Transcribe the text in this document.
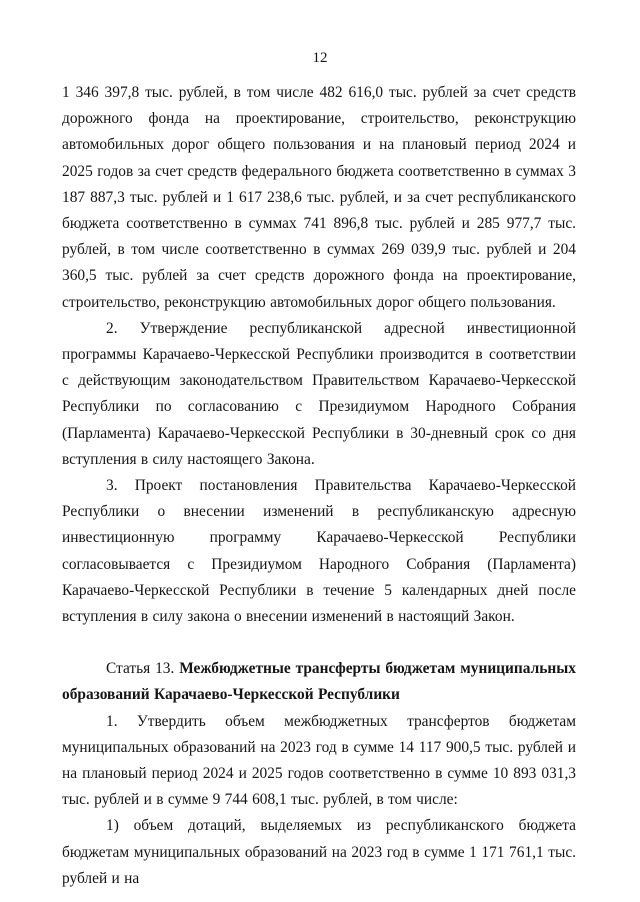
12

1 346 397,8 тыс. рублей, в том числе 482 616,0 тыс. рублей за счет средств дорожного фонда на проектирование, строительство, реконструкцию автомобильных дорог общего пользования и на плановый период 2024 и 2025 годов за счет средств федерального бюджета соответственно в суммах 3 187 887,3 тыс. рублей и 1 617 238,6 тыс. рублей, и за счет республиканского бюджета соответственно в суммах 741 896,8 тыс. рублей и 285 977,7 тыс. рублей, в том числе соответственно в суммах 269 039,9 тыс. рублей и 204 360,5 тыс. рублей за счет средств дорожного фонда на проектирование, строительство, реконструкцию автомобильных дорог общего пользования.

2. Утверждение республиканской адресной инвестиционной программы Карачаево-Черкесской Республики производится в соответствии с действующим законодательством Правительством Карачаево-Черкесской Республики по согласованию с Президиумом Народного Собрания (Парламента) Карачаево-Черкесской Республики в 30-дневный срок со дня вступления в силу настоящего Закона.

3. Проект постановления Правительства Карачаево-Черкесской Республики о внесении изменений в республиканскую адресную инвестиционную программу Карачаево-Черкесской Республики согласовывается с Президиумом Народного Собрания (Парламента) Карачаево-Черкесской Республики в течение 5 календарных дней после вступления в силу закона о внесении изменений в настоящий Закон.

Статья 13. Межбюджетные трансферты бюджетам муниципальных образований Карачаево-Черкесской Республики

1. Утвердить объем межбюджетных трансфертов бюджетам муниципальных образований на 2023 год в сумме 14 117 900,5 тыс. рублей и на плановый период 2024 и 2025 годов соответственно в сумме 10 893 031,3 тыс. рублей и в сумме 9 744 608,1 тыс. рублей, в том числе:

1) объем дотаций, выделяемых из республиканского бюджета бюджетам муниципальных образований на 2023 год в сумме 1 171 761,1 тыс. рублей и на
